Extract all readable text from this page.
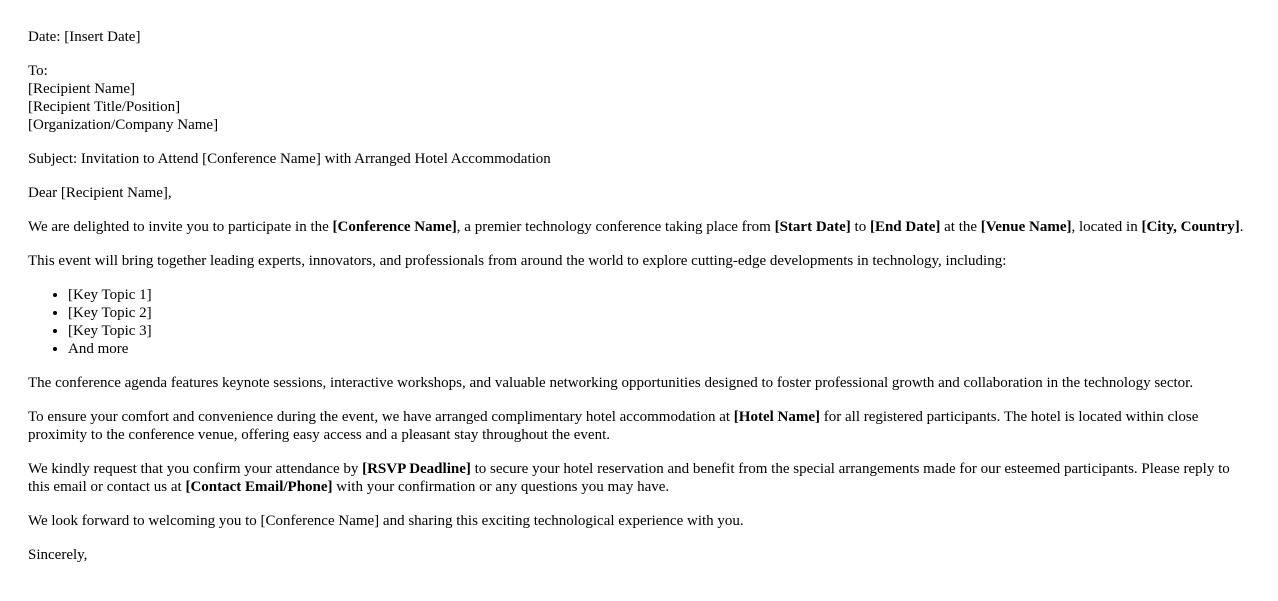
Date: [Insert Date]

To:
[Recipient Name]
[Recipient Title/Position]
[Organization/Company Name]

Subject: Invitation to Attend [Conference Name] with Arranged Hotel Accommodation

Dear [Recipient Name],

We are delighted to invite you to participate in the [Conference Name], a premier technology conference taking place from [Start Date] to [End Date] at the [Venue Name], located in [City, Country].

This event will bring together leading experts, innovators, and professionals from around the world to explore cutting-edge developments in technology, including:

• [Key Topic 1]
• [Key Topic 2]
• [Key Topic 3]
• And more

The conference agenda features keynote sessions, interactive workshops, and valuable networking opportunities designed to foster professional growth and collaboration in the technology sector.

To ensure your comfort and convenience during the event, we have arranged complimentary hotel accommodation at [Hotel Name] for all registered participants. The hotel is located within close proximity to the conference venue, offering easy access and a pleasant stay throughout the event.

We kindly request that you confirm your attendance by [RSVP Deadline] to secure your hotel reservation and benefit from the special arrangements made for our esteemed participants. Please reply to this email or contact us at [Contact Email/Phone] with your confirmation or any questions you may have.

We look forward to welcoming you to [Conference Name] and sharing this exciting technological experience with you.

Sincerely,
